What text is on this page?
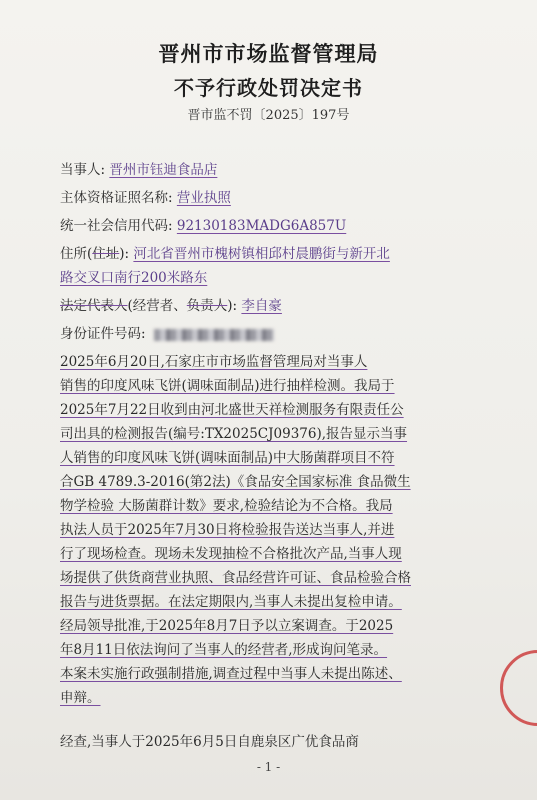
晋州市市场监督管理局
不予行政处罚决定书
晋市监不罚〔2025〕197号
当事人: 晋州市钰迪食品店
主体资格证照名称: 营业执照
统一社会信用代码: 92130183MADG6A857U
住所(住址): 河北省晋州市槐树镇相邱村晨鹏街与新开北
路交叉口南行200米路东
法定代表人(经营者、负责人): 李自豪
身份证件号码:
2025年6月20日,石家庄市市场监督管理局对当事人
销售的印度风味飞饼(调味面制品)进行抽样检测。我局于
2025年7月22日收到由河北盛世天祥检测服务有限责任公
司出具的检测报告(编号:TX2025CJ09376),报告显示当事
人销售的印度风味飞饼(调味面制品)中大肠菌群项目不符
合GB 4789.3-2016(第2法)《食品安全国家标准 食品微生
物学检验 大肠菌群计数》要求,检验结论为不合格。我局
执法人员于2025年7月30日将检验报告送达当事人,并进
行了现场检查。现场未发现抽检不合格批次产品,当事人现
场提供了供货商营业执照、食品经营许可证、食品检验合格
报告与进货票据。在法定期限内,当事人未提出复检申请。
经局领导批准,于2025年8月7日予以立案调查。于2025
年8月11日依法询问了当事人的经营者,形成询问笔录。
本案未实施行政强制措施,调查过程中当事人未提出陈述、
申辩。
经查,当事人于2025年6月5日自鹿泉区广优食品商
- 1 -
